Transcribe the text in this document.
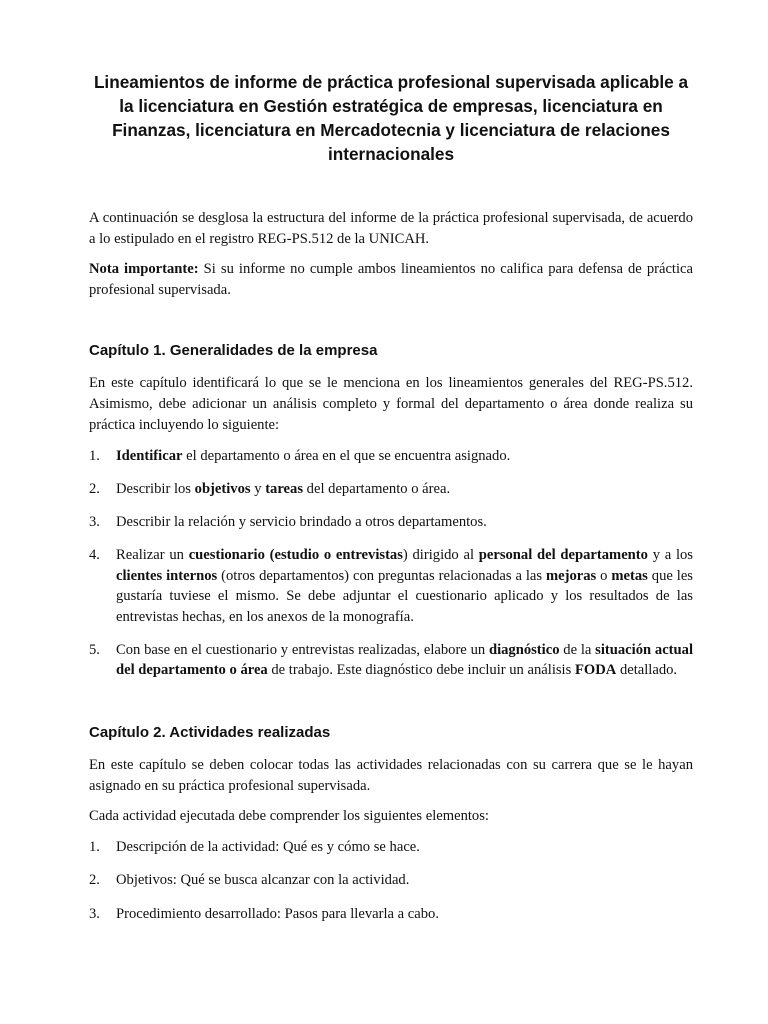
Lineamientos de informe de práctica profesional supervisada aplicable a la licenciatura en Gestión estratégica de empresas, licenciatura en Finanzas, licenciatura en Mercadotecnia y licenciatura de relaciones internacionales

A continuación se desglosa la estructura del informe de la práctica profesional supervisada, de acuerdo a lo estipulado en el registro REG-PS.512 de la UNICAH.

Nota importante: Si su informe no cumple ambos lineamientos no califica para defensa de práctica profesional supervisada.

Capítulo 1. Generalidades de la empresa

En este capítulo identificará lo que se le menciona en los lineamientos generales del REG-PS.512. Asimismo, debe adicionar un análisis completo y formal del departamento o área donde realiza su práctica incluyendo lo siguiente:

1. Identificar el departamento o área en el que se encuentra asignado.
2. Describir los objetivos y tareas del departamento o área.
3. Describir la relación y servicio brindado a otros departamentos.
4. Realizar un cuestionario (estudio o entrevistas) dirigido al personal del departamento y a los clientes internos (otros departamentos) con preguntas relacionadas a las mejoras o metas que les gustaría tuviese el mismo. Se debe adjuntar el cuestionario aplicado y los resultados de las entrevistas hechas, en los anexos de la monografía.
5. Con base en el cuestionario y entrevistas realizadas, elabore un diagnóstico de la situación actual del departamento o área de trabajo. Este diagnóstico debe incluir un análisis FODA detallado.
Capítulo 2. Actividades realizadas

En este capítulo se deben colocar todas las actividades relacionadas con su carrera que se le hayan asignado en su práctica profesional supervisada.

Cada actividad ejecutada debe comprender los siguientes elementos:

1. Descripción de la actividad: Qué es y cómo se hace.
2. Objetivos: Qué se busca alcanzar con la actividad.
3. Procedimiento desarrollado: Pasos para llevarla a cabo.
